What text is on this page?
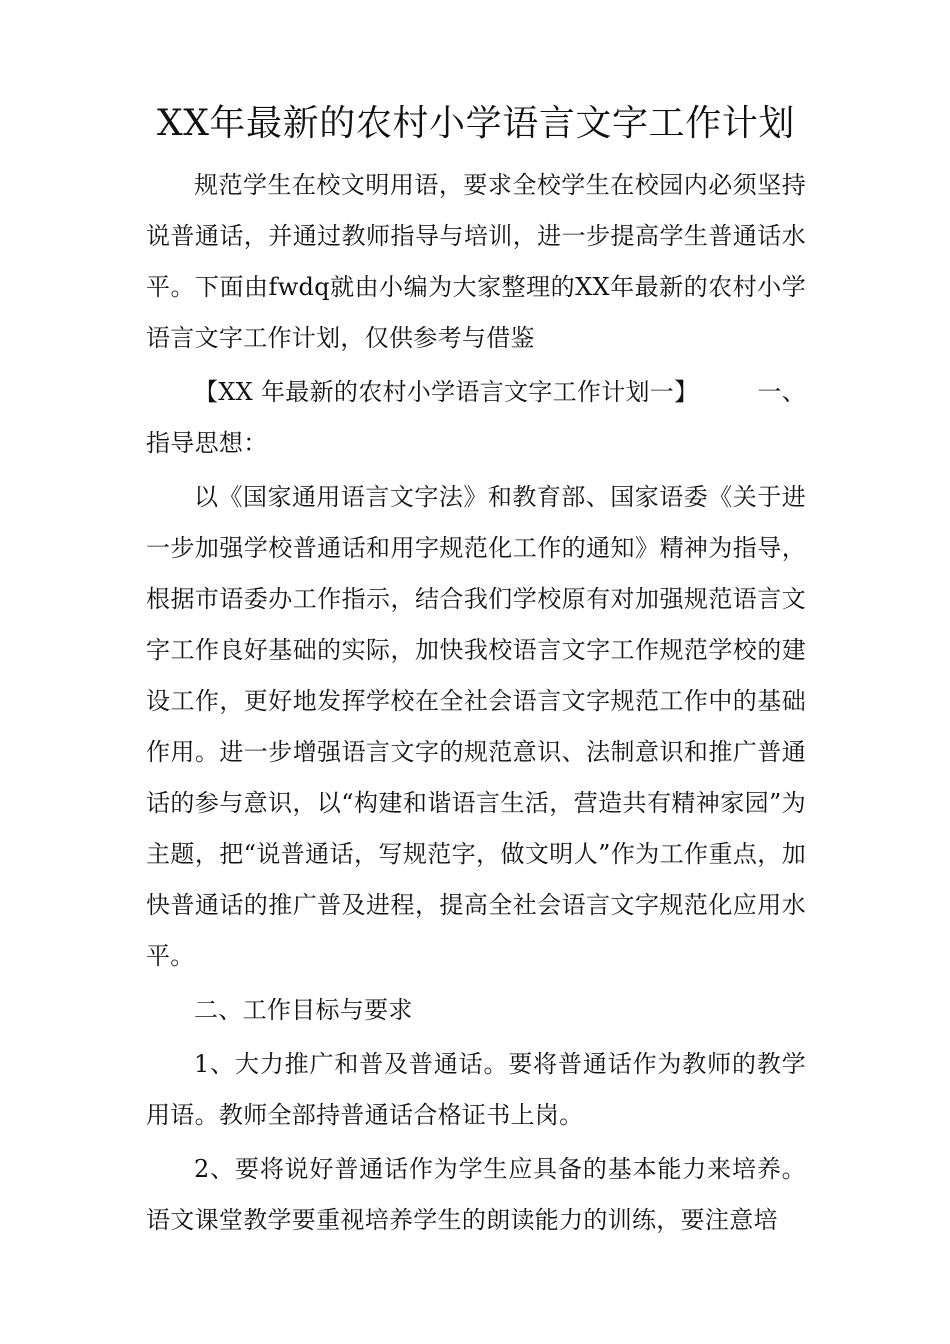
XX年最新的农村小学语言文字工作计划

规范学生在校文明用语，要求全校学生在校园内必须坚持说普通话，并通过教师指导与培训，进一步提高学生普通话水平。下面由fwdq就由小编为大家整理的XX年最新的农村小学语言文字工作计划，仅供参考与借鉴

【XX 年最新的农村小学语言文字工作计划一】 一、
指导思想：

以《国家通用语言文字法》和教育部、国家语委《关于进一步加强学校普通话和用字规范化工作的通知》精神为指导，根据市语委办工作指示，结合我们学校原有对加强规范语言文字工作良好基础的实际，加快我校语言文字工作规范学校的建设工作，更好地发挥学校在全社会语言文字规范工作中的基础作用。进一步增强语言文字的规范意识、法制意识和推广普通话的参与意识，以“构建和谐语言生活，营造共有精神家园”为主题，把“说普通话，写规范字，做文明人”作为工作重点，加快普通话的推广普及进程，提高全社会语言文字规范化应用水平。

二、工作目标与要求

1、大力推广和普及普通话。要将普通话作为教师的教学用语。教师全部持普通话合格证书上岗。

2、要将说好普通话作为学生应具备的基本能力来培养。语文课堂教学要重视培养学生的朗读能力的训练，要注意培
